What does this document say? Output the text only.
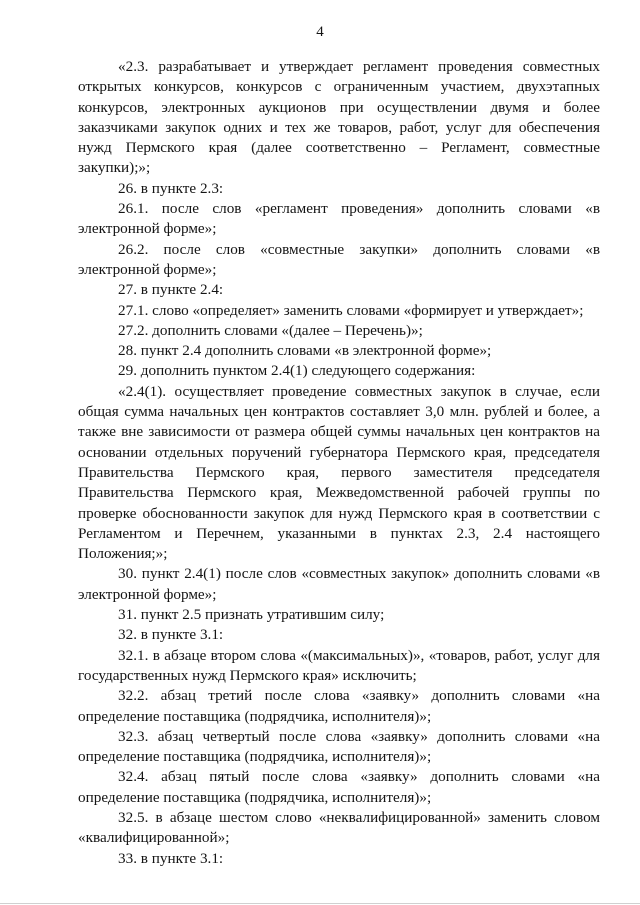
4

«2.3. разрабатывает и утверждает регламент проведения совместных открытых конкурсов, конкурсов с ограниченным участием, двухэтапных конкурсов, электронных аукционов при осуществлении двумя и более заказчиками закупок одних и тех же товаров, работ, услуг для обеспечения нужд Пермского края (далее соответственно – Регламент, совместные закупки);»;

26. в пункте 2.3:

26.1. после слов «регламент проведения» дополнить словами «в электронной форме»;

26.2. после слов «совместные закупки» дополнить словами «в электронной форме»;

27. в пункте 2.4:

27.1. слово «определяет» заменить словами «формирует и утверждает»;

27.2. дополнить словами «(далее – Перечень)»;

28. пункт 2.4 дополнить словами «в электронной форме»;

29. дополнить пунктом 2.4(1) следующего содержания:

«2.4(1). осуществляет проведение совместных закупок в случае, если общая сумма начальных цен контрактов составляет 3,0 млн. рублей и более, а также вне зависимости от размера общей суммы начальных цен контрактов на основании отдельных поручений губернатора Пермского края, председателя Правительства Пермского края, первого заместителя председателя Правительства Пермского края, Межведомственной рабочей группы по проверке обоснованности закупок для нужд Пермского края в соответствии с Регламентом и Перечнем, указанными в пунктах 2.3, 2.4 настоящего Положения;»;

30. пункт 2.4(1) после слов «совместных закупок» дополнить словами «в электронной форме»;

31. пункт 2.5 признать утратившим силу;

32. в пункте 3.1:

32.1. в абзаце втором слова «(максимальных)», «товаров, работ, услуг для государственных нужд Пермского края» исключить;

32.2. абзац третий после слова «заявку» дополнить словами «на определение поставщика (подрядчика, исполнителя)»;

32.3. абзац четвертый после слова «заявку» дополнить словами «на определение поставщика (подрядчика, исполнителя)»;

32.4. абзац пятый после слова «заявку» дополнить словами «на определение поставщика (подрядчика, исполнителя)»;

32.5. в абзаце шестом слово «неквалифицированной» заменить словом «квалифицированной»;

33. в пункте 3.1:
